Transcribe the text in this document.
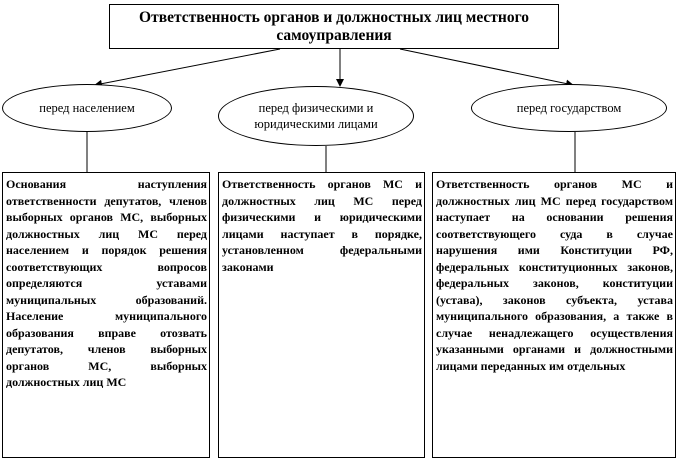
Ответственность органов и должностных лиц местного самоуправления
перед населением	перед физическими и юридическими лицами
перед государством
Основания наступления ответственности депутатов, членов выборных органов МС, выборных должностных лиц МС перед населением и порядок решения соответствующих вопросов определяются уставами муниципальных образований. Население муниципального образования вправе отозвать депутатов, членов выборных органов МС, выборных должностных лиц МС
Ответственность органов МС и должностных лиц МС перед физическими и юридическими лицами наступает в порядке, установленном федеральными законами
Ответственность органов МС и должностных лиц МС перед государством наступает на основании решения соответствующего суда в случае нарушения ими Конституции РФ, федеральных конституционных законов, федеральных законов, конституции (устава), законов субъекта, устава муниципального образования, а также в случае ненадлежащего осуществления указанными органами и должностными лицами переданных им отдельных
